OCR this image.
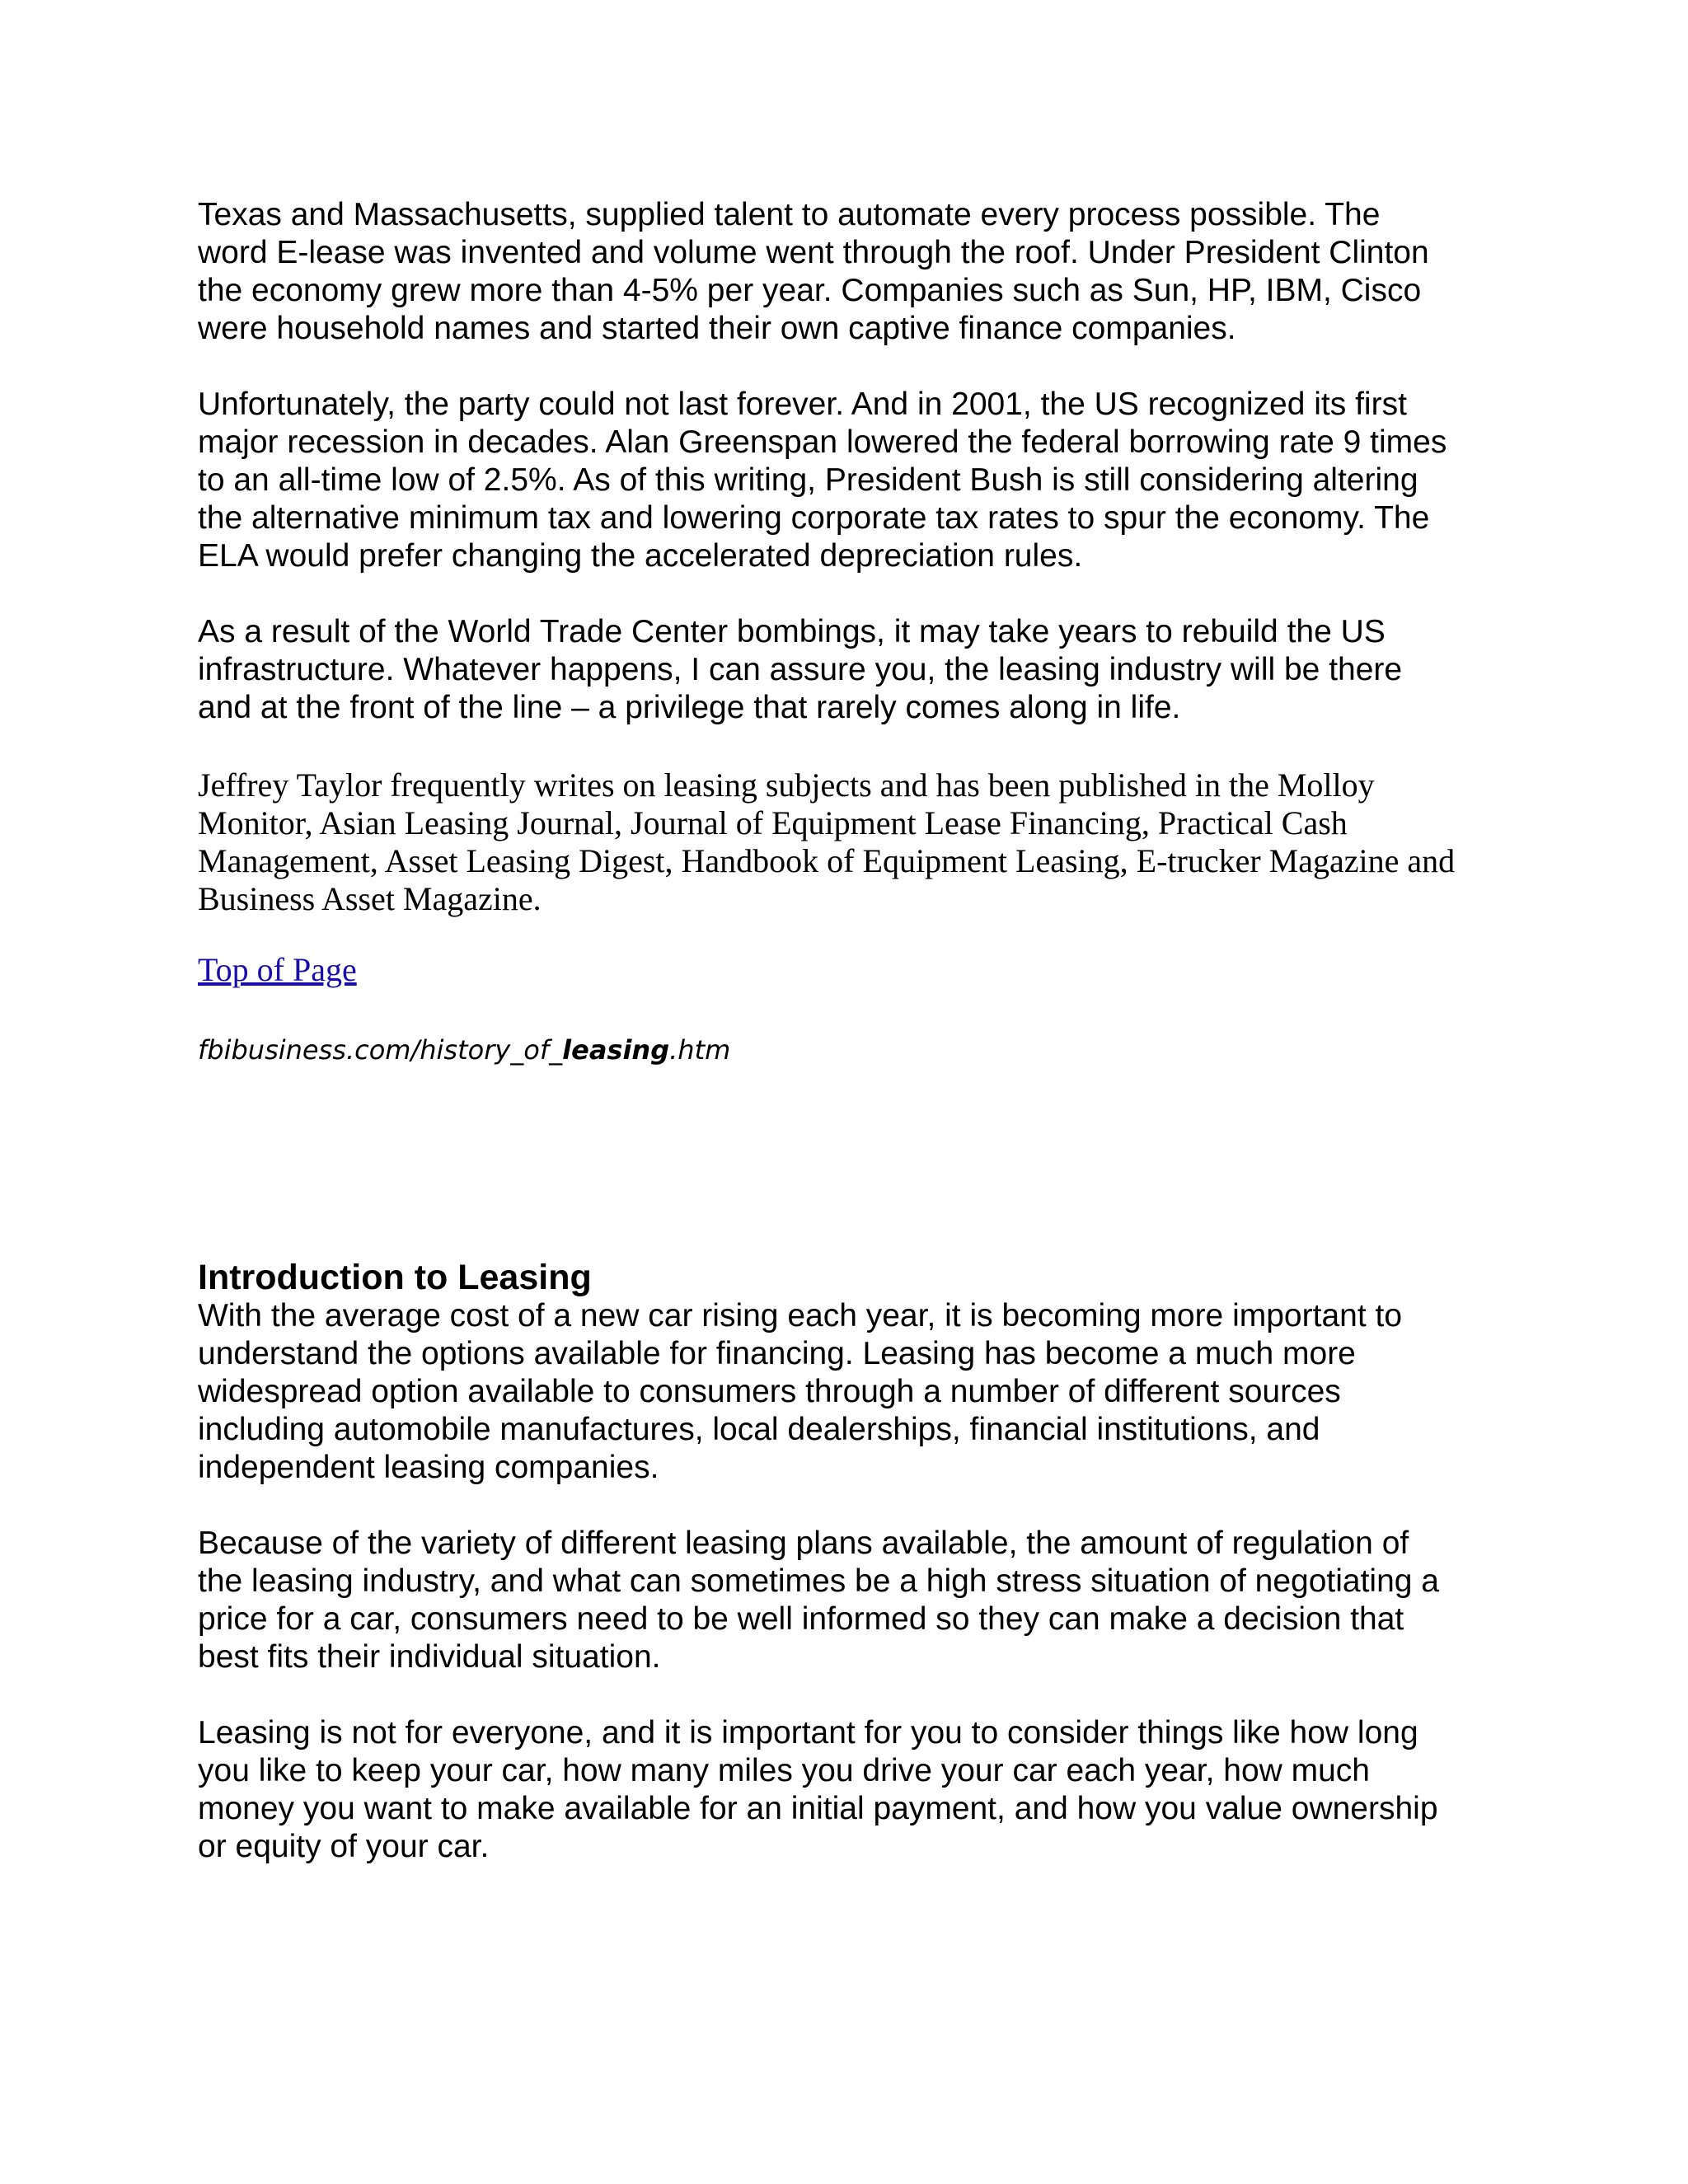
Texas and Massachusetts, supplied talent to automate every process possible. The
word E-lease was invented and volume went through the roof. Under President Clinton
the economy grew more than 4-5% per year. Companies such as Sun, HP, IBM, Cisco
were household names and started their own captive finance companies.

Unfortunately, the party could not last forever. And in 2001, the US recognized its first
major recession in decades. Alan Greenspan lowered the federal borrowing rate 9 times
to an all-time low of 2.5%. As of this writing, President Bush is still considering altering
the alternative minimum tax and lowering corporate tax rates to spur the economy. The
ELA would prefer changing the accelerated depreciation rules.

As a result of the World Trade Center bombings, it may take years to rebuild the US
infrastructure. Whatever happens, I can assure you, the leasing industry will be there
and at the front of the line – a privilege that rarely comes along in life.

Jeffrey Taylor frequently writes on leasing subjects and has been published in the Molloy
Monitor, Asian Leasing Journal, Journal of Equipment Lease Financing, Practical Cash
Management, Asset Leasing Digest, Handbook of Equipment Leasing, E-trucker Magazine and
Business Asset Magazine.

Top of Page
fbibusiness.com/history_of_leasing.htm
Introduction to Leasing

With the average cost of a new car rising each year, it is becoming more important to
understand the options available for financing. Leasing has become a much more
widespread option available to consumers through a number of different sources
including automobile manufactures, local dealerships, financial institutions, and
independent leasing companies.

Because of the variety of different leasing plans available, the amount of regulation of
the leasing industry, and what can sometimes be a high stress situation of negotiating a
price for a car, consumers need to be well informed so they can make a decision that
best fits their individual situation.

Leasing is not for everyone, and it is important for you to consider things like how long
you like to keep your car, how many miles you drive your car each year, how much
money you want to make available for an initial payment, and how you value ownership
or equity of your car.
